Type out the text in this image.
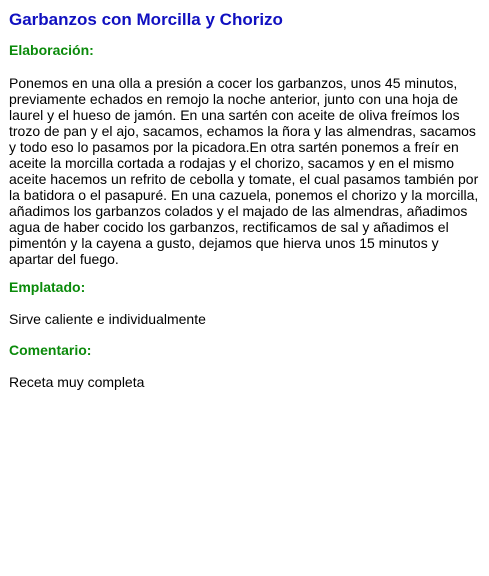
Garbanzos con Morcilla y Chorizo
Elaboración:

Ponemos en una olla a presión a cocer los garbanzos, unos 45 minutos, previamente echados en remojo la noche anterior, junto con una hoja de laurel y el hueso de jamón. En una sartén con aceite de oliva freímos los trozo de pan y el ajo, sacamos, echamos la ñora y las almendras, sacamos y todo eso lo pasamos por la picadora.En otra sartén ponemos a freír en aceite la morcilla cortada a rodajas y el chorizo, sacamos y en el mismo aceite hacemos un refrito de cebolla y tomate, el cual pasamos también por la batidora o el pasapuré. En una cazuela, ponemos el chorizo y la morcilla, añadimos los garbanzos colados y el majado de las almendras, añadimos agua de haber cocido los garbanzos, rectificamos de sal y añadimos el pimentón y la cayena a gusto, dejamos que hierva unos 15 minutos y apartar del fuego.

Emplatado:

Sirve caliente e individualmente

Comentario:

Receta muy completa
